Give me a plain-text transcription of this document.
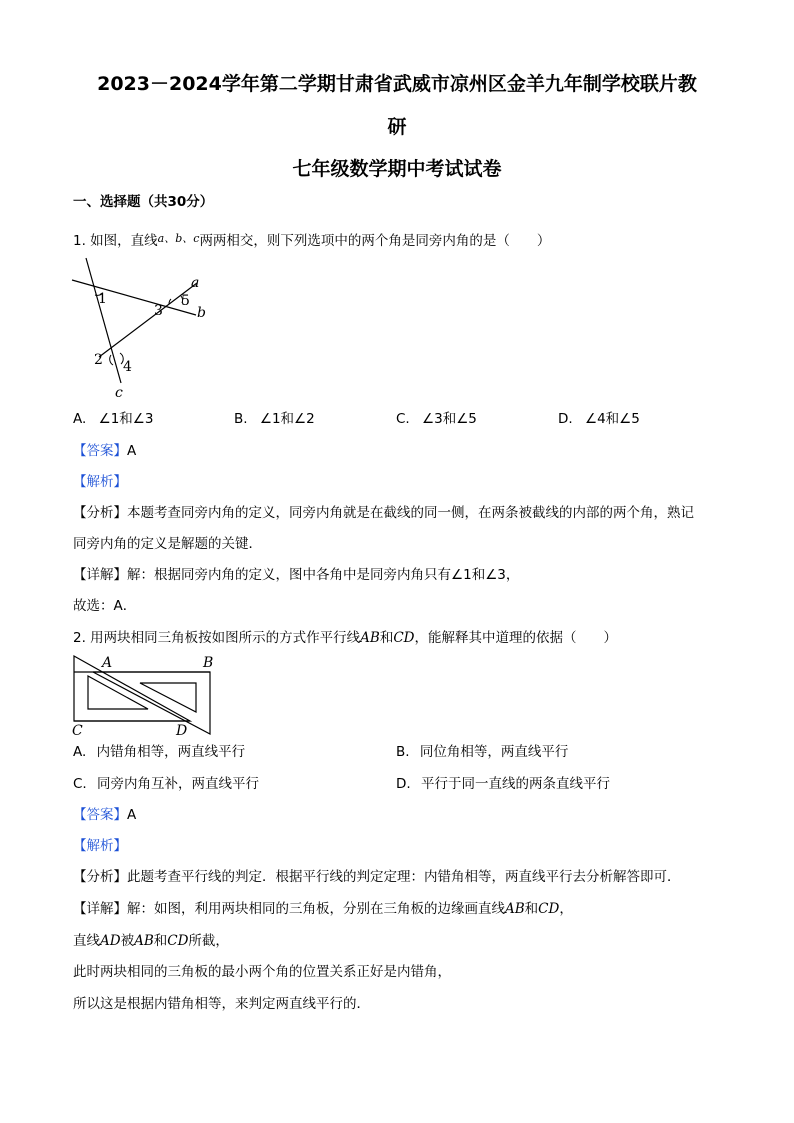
2023－2024学年第二学期甘肃省武威市凉州区金羊九年制学校联片教
研
七年级数学期中考试试卷
一、选择题（共30分）
1. 如图，直线$^{a、b、c}$两两相交，则下列选项中的两个角是同旁内角的是（　　）
a
b
c
1
3
5
2 4
A. ∠1和∠3	B. ∠1和∠2	C. ∠3和∠5	D. ∠4和∠5
【答案】A
【解析】
【分析】本题考查同旁内角的定义，同旁内角就是在截线的同一侧，在两条被截线的内部的两个角，熟记
同旁内角的定义是解题的关键．
【详解】解：根据同旁内角的定义，图中各角中是同旁内角只有∠1和∠3，
故选：A．
2. 用两块相同三角板按如图所示的方式作平行线AB和CD，能解释其中道理的依据（　　）
A	B
C	D
A. 内错角相等，两直线平行	B. 同位角相等，两直线平行
C. 同旁内角互补，两直线平行	D. 平行于同一直线的两条直线平行
【答案】A
【解析】
【分析】此题考查平行线的判定．根据平行线的判定定理：内错角相等，两直线平行去分析解答即可．
【详解】解：如图，利用两块相同的三角板，分别在三角板的边缘画直线AB和CD，
直线AD被AB和CD所截，
此时两块相同的三角板的最小两个角的位置关系正好是内错角，
所以这是根据内错角相等，来判定两直线平行的．
